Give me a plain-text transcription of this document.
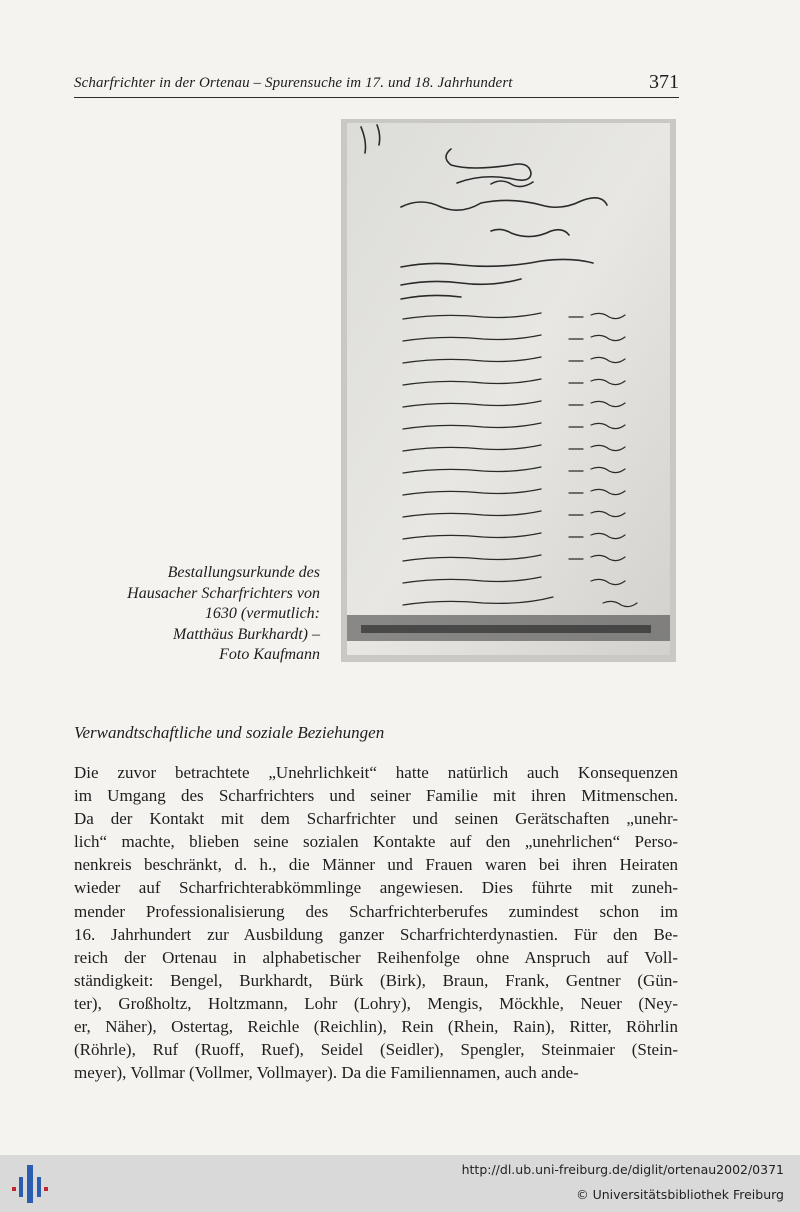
Scharfrichter in der Ortenau – Spurensuche im 17. und 18. Jahrhundert	371
Bestallungsurkunde des
Hausacher Scharfrichters von
1630 (vermutlich:
Matthäus Burkhardt) –
Foto Kaufmann
Verwandtschaftliche und soziale Beziehungen
Die zuvor betrachtete „Unehrlichkeit“ hatte natürlich auch Konsequenzen
im Umgang des Scharfrichters und seiner Familie mit ihren Mitmenschen.
Da der Kontakt mit dem Scharfrichter und seinen Gerätschaften „unehr-
lich“ machte, blieben seine sozialen Kontakte auf den „unehrlichen“ Perso-
nenkreis beschränkt, d. h., die Männer und Frauen waren bei ihren Heiraten
wieder auf Scharfrichterabkömmlinge angewiesen. Dies führte mit zuneh-
mender Professionalisierung des Scharfrichterberufes zumindest schon im
16. Jahrhundert zur Ausbildung ganzer Scharfrichterdynastien. Für den Be-
reich der Ortenau in alphabetischer Reihenfolge ohne Anspruch auf Voll-
ständigkeit: Bengel, Burkhardt, Bürk (Birk), Braun, Frank, Gentner (Gün-
ter), Großholtz, Holtzmann, Lohr (Lohry), Mengis, Möckhle, Neuer (Ney-
er, Näher), Ostertag, Reichle (Reichlin), Rein (Rhein, Rain), Ritter, Röhrlin
(Röhrle), Ruf (Ruoff, Ruef), Seidel (Seidler), Spengler, Steinmaier (Stein-
meyer), Vollmar (Vollmer, Vollmayer). Da die Familiennamen, auch ande-
http://dl.ub.uni-freiburg.de/diglit/ortenau2002/0371
© Universitätsbibliothek Freiburg
